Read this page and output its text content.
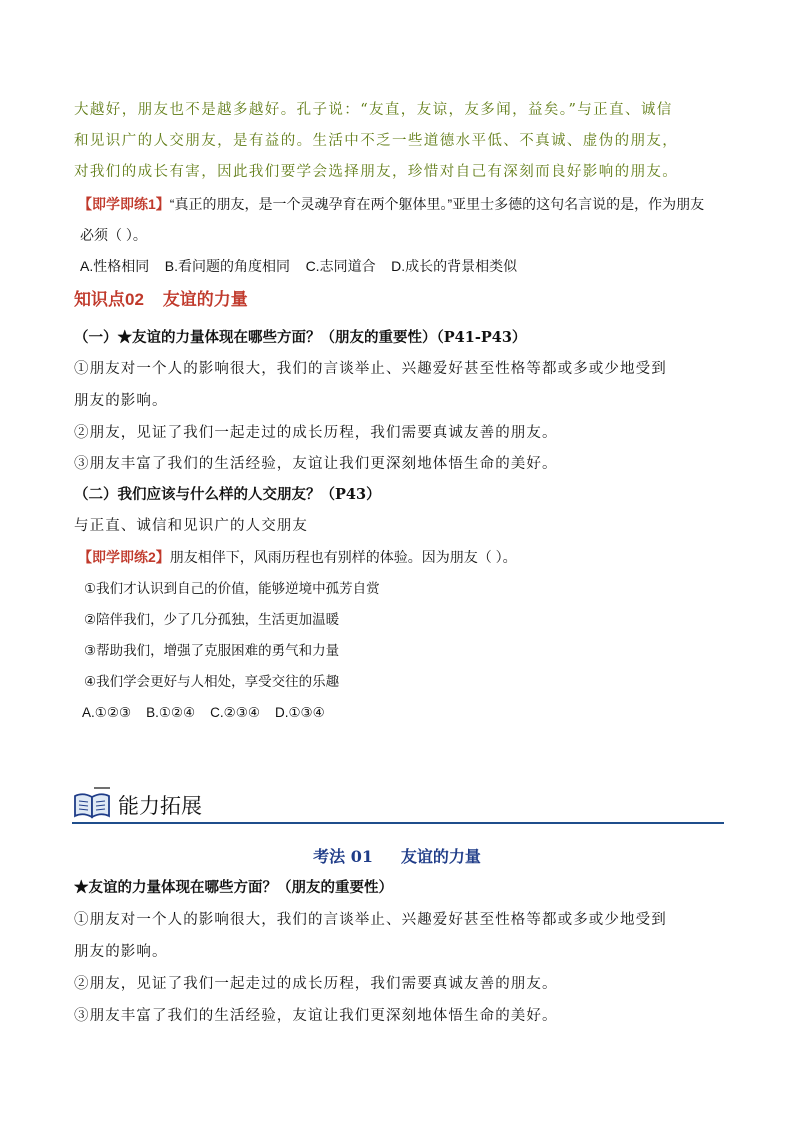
大越好，朋友也不是越多越好。孔子说：“友直，友谅，友多闻，益矣。”与正直、诚信
和见识广的人交朋友，是有益的。生活中不乏一些道德水平低、不真诚、虚伪的朋友，
对我们的成长有害，因此我们要学会选择朋友，珍惜对自己有深刻而良好影响的朋友。
【即学即练1】“真正的朋友，是一个灵魂孕育在两个躯体里。”亚里士多德的这句名言说的是，作为朋友
必须（ ）。
A.性格相同    B.看问题的角度相同    C.志同道合    D.成长的背景相类似
知识点02    友谊的力量
（一）★友谊的力量体现在哪些方面？（朋友的重要性）（P41-P43）
①朋友对一个人的影响很大，我们的言谈举止、兴趣爱好甚至性格等都或多或少地受到
朋友的影响。
②朋友，见证了我们一起走过的成长历程，我们需要真诚友善的朋友。
③朋友丰富了我们的生活经验，友谊让我们更深刻地体悟生命的美好。
（二）我们应该与什么样的人交朋友？（P43）
与正直、诚信和见识广的人交朋友
【即学即练2】朋友相伴下，风雨历程也有别样的体验。因为朋友（ ）。
①我们才认识到自己的价值，能够逆境中孤芳自赏
②陪伴我们，少了几分孤独，生活更加温暖
③帮助我们，增强了克服困难的勇气和力量
④我们学会更好与人相处，享受交往的乐趣
A.①②③    B.①②④    C.②③④    D.①③④
能力拓展
考法 01     友谊的力量
★友谊的力量体现在哪些方面？（朋友的重要性）
①朋友对一个人的影响很大，我们的言谈举止、兴趣爱好甚至性格等都或多或少地受到
朋友的影响。
②朋友，见证了我们一起走过的成长历程，我们需要真诚友善的朋友。
③朋友丰富了我们的生活经验，友谊让我们更深刻地体悟生命的美好。
